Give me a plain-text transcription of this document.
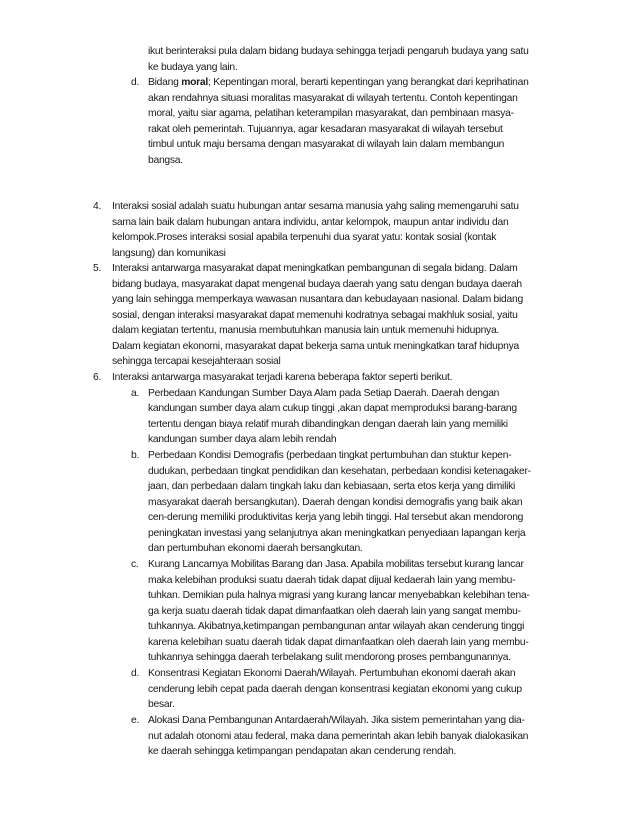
ikut berinteraksi pula dalam bidang budaya sehingga terjadi pengaruh budaya yang satu
ke budaya yang lain.
d. Bidang moral; Kepentingan moral, berarti kepentingan yang berangkat dari keprihatinan
akan rendahnya situasi moralitas masyarakat di wilayah tertentu. Contoh kepentingan
moral, yaitu siar agama, pelatihan keterampilan masyarakat, dan pembinaan masya-
rakat oleh pemerintah. Tujuannya, agar kesadaran masyarakat di wilayah tersebut
timbul untuk maju bersama dengan masyarakat di wilayah lain dalam membangun
bangsa.
4. Interaksi sosial adalah suatu hubungan antar sesama manusia yahg saling memengaruhi satu
sama lain baik dalam hubungan antara individu, antar kelompok, maupun antar individu dan
kelompok.Proses interaksi sosial apabila terpenuhi dua syarat yatu: kontak sosial (kontak
langsung) dan komunikasi
5. Interaksi antarwarga masyarakat dapat meningkatkan pembangunan di segala bidang. Dalam
bidang budaya, masyarakat dapat mengenal budaya daerah yang satu dengan budaya daerah
yang lain sehingga memperkaya wawasan nusantara dan kebudayaan nasional. Dalam bidang
sosial, dengan interaksi masyarakat dapat memenuhi kodratnya sebagai makhluk sosial, yaitu
dalam kegiatan tertentu, manusia membutuhkan manusia lain untuk memenuhi hidupnya.
Dalam kegiatan ekonomi, masyarakat dapat bekerja sama untuk meningkatkan taraf hidupnya
sehingga tercapai kesejahteraan sosial
6. Interaksi antarwarga masyarakat terjadi karena beberapa faktor seperti berikut.
a. Perbedaan Kandungan Sumber Daya Alam pada Setiap Daerah. Daerah dengan
kandungan sumber daya alam cukup tinggi ,akan dapat memproduksi barang-barang
tertentu dengan biaya relatif murah dibandingkan dengan daerah lain yang memiliki
kandungan sumber daya alam lebih rendah
b. Perbedaan Kondisi Demografis (perbedaan tingkat pertumbuhan dan stuktur kepen-
dudukan, perbedaan tingkat pendidikan dan kesehatan, perbedaan kondisi ketenagaker-
jaan, dan perbedaan dalam tingkah laku dan kebiasaan, serta etos kerja yang dimiliki
masyarakat daerah bersangkutan). Daerah dengan kondisi demografis yang baik akan
cen-derung memiliki produktivitas kerja yang lebih tinggi. Hal tersebut akan mendorong
peningkatan investasi yang selanjutnya akan meningkatkan penyediaan lapangan kerja
dan pertumbuhan ekonomi daerah bersangkutan.
c. Kurang Lancarnya Mobilitas Barang dan Jasa. Apabila mobilitas tersebut kurang lancar
maka kelebihan produksi suatu daerah tidak dapat dijual kedaerah lain yang membu-
tuhkan. Demikian pula halnya migrasi yang kurang lancar menyebabkan kelebihan tena-
ga kerja suatu daerah tidak dapat dimanfaatkan oleh daerah lain yang sangat membu-
tuhkannya. Akibatnya,ketimpangan pembangunan antar wilayah akan cenderung tinggi
karena kelebihan suatu daerah tidak dapat dimanfaatkan oleh daerah lain yang membu-
tuhkannya sehingga daerah terbelakang sulit mendorong proses pembangunannya.
d. Konsentrasi Kegiatan Ekonomi Daerah/Wilayah. Pertumbuhan ekonomi daerah akan
cenderung lebih cepat pada daerah dengan konsentrasi kegiatan ekonomi yang cukup
besar.
e. Alokasi Dana Pembangunan Antardaerah/Wilayah. Jika sistem pemerintahan yang dia-
nut adalah otonomi atau federal, maka dana pemerintah akan lebih banyak dialokasikan
ke daerah sehingga ketimpangan pendapatan akan cenderung rendah.
